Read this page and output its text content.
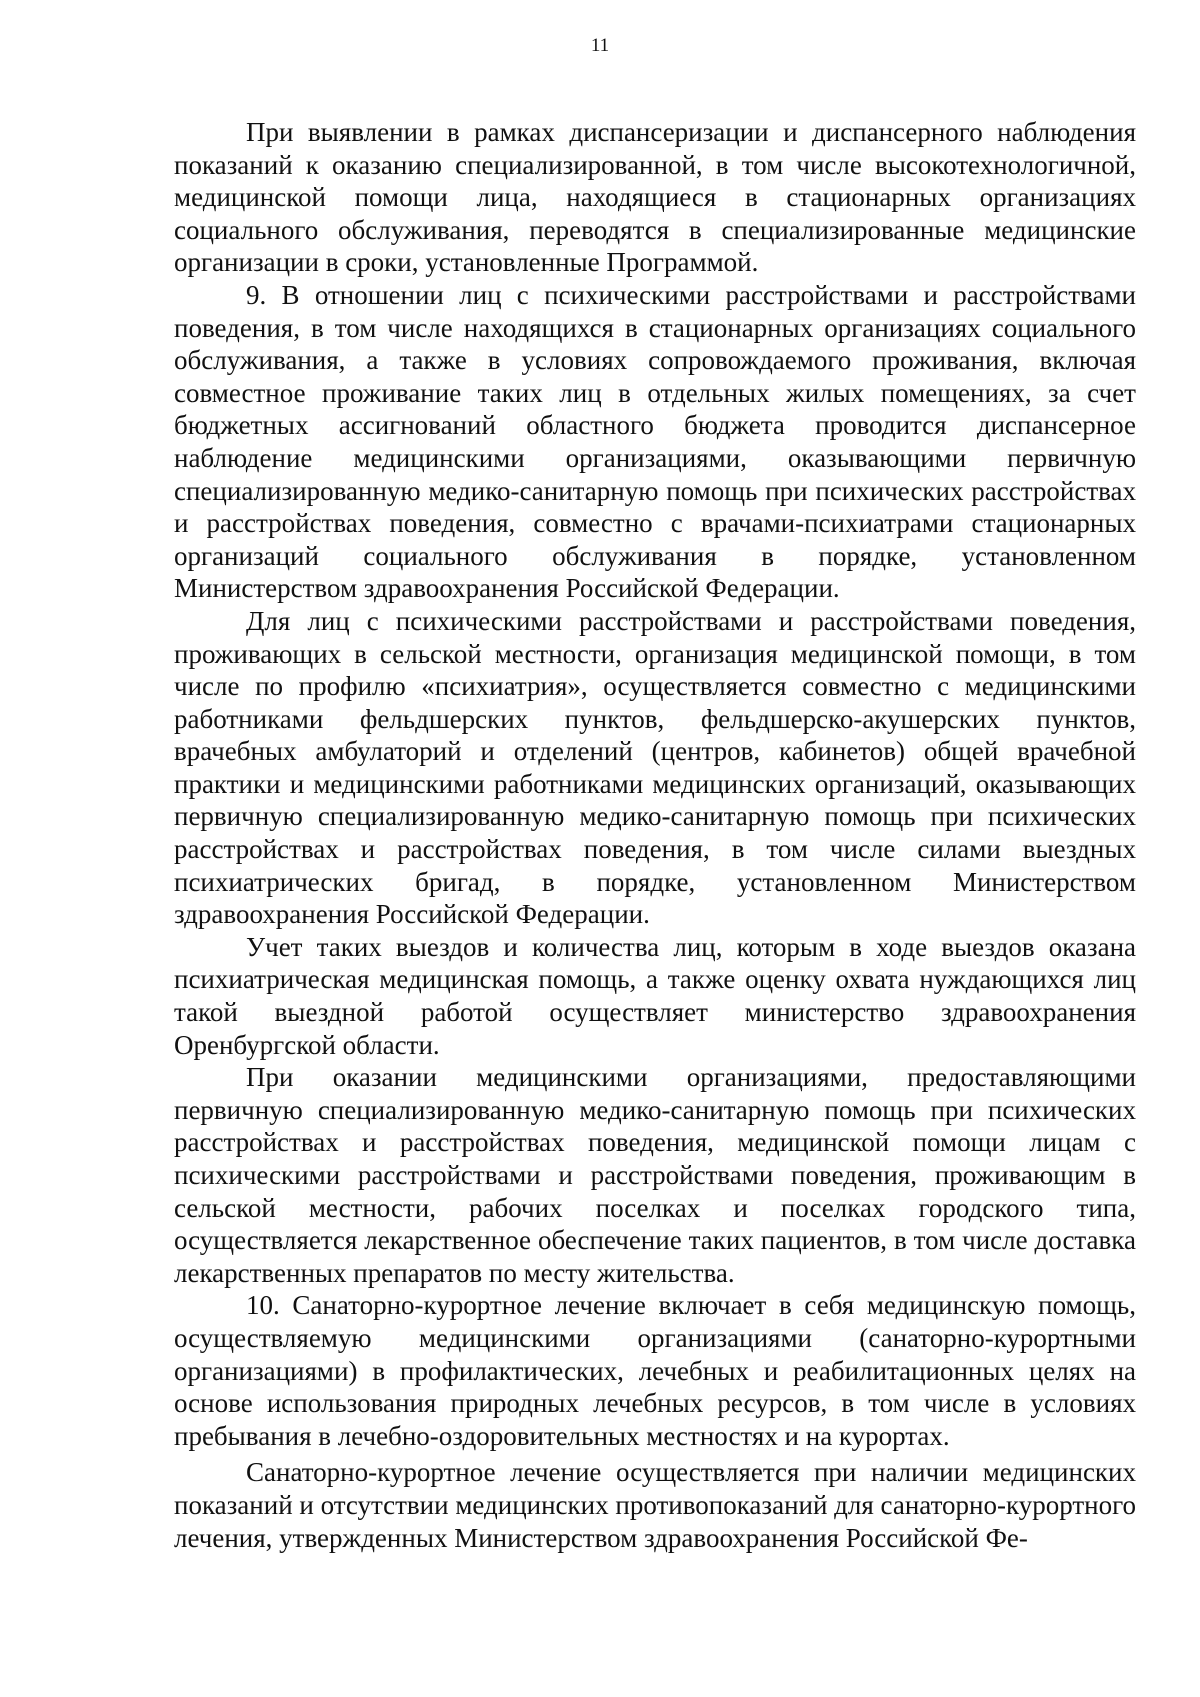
11

При выявлении в рамках диспансеризации и диспансерного наблюдения показаний к оказанию специализированной, в том числе высокотехнологичной, медицинской помощи лица, находящиеся в стационарных организациях социального обслуживания, переводятся в специализированные медицинские организации в сроки, установленные Программой.

9. В отношении лиц с психическими расстройствами и расстройствами поведения, в том числе находящихся в стационарных организациях социального обслуживания, а также в условиях сопровождаемого проживания, включая совместное проживание таких лиц в отдельных жилых помещениях, за счет бюджетных ассигнований областного бюджета проводится диспансерное наблюдение медицинскими организациями, оказывающими первичную специализированную медико-санитарную помощь при психических расстройствах и расстройствах поведения, совместно с врачами-психиатрами стационарных организаций социального обслуживания в порядке, установленном Министерством здравоохранения Российской Федерации.

Для лиц с психическими расстройствами и расстройствами поведения, проживающих в сельской местности, организация медицинской помощи, в том числе по профилю «психиатрия», осуществляется совместно с медицинскими работниками фельдшерских пунктов, фельдшерско-акушерских пунктов, врачебных амбулаторий и отделений (центров, кабинетов) общей врачебной практики и медицинскими работниками медицинских организаций, оказывающих первичную специализированную медико-санитарную помощь при психических расстройствах и расстройствах поведения, в том числе силами выездных психиатрических бригад, в порядке, установленном Министерством здравоохранения Российской Федерации.

Учет таких выездов и количества лиц, которым в ходе выездов оказана психиатрическая медицинская помощь, а также оценку охвата нуждающихся лиц такой выездной работой осуществляет министерство здравоохранения Оренбургской области.

При оказании медицинскими организациями, предоставляющими первичную специализированную медико-санитарную помощь при психических расстройствах и расстройствах поведения, медицинской помощи лицам с психическими расстройствами и расстройствами поведения, проживающим в сельской местности, рабочих поселках и поселках городского типа, осуществляется лекарственное обеспечение таких пациентов, в том числе доставка лекарственных препаратов по месту жительства.

10. Санаторно-курортное лечение включает в себя медицинскую помощь, осуществляемую медицинскими организациями (санаторно-курортными организациями) в профилактических, лечебных и реабилитационных целях на основе использования природных лечебных ресурсов, в том числе в условиях пребывания в лечебно-оздоровительных местностях и на курортах.

Санаторно-курортное лечение осуществляется при наличии медицинских показаний и отсутствии медицинских противопоказаний для санаторно-курортного лечения, утвержденных Министерством здравоохранения Российской Фе-
